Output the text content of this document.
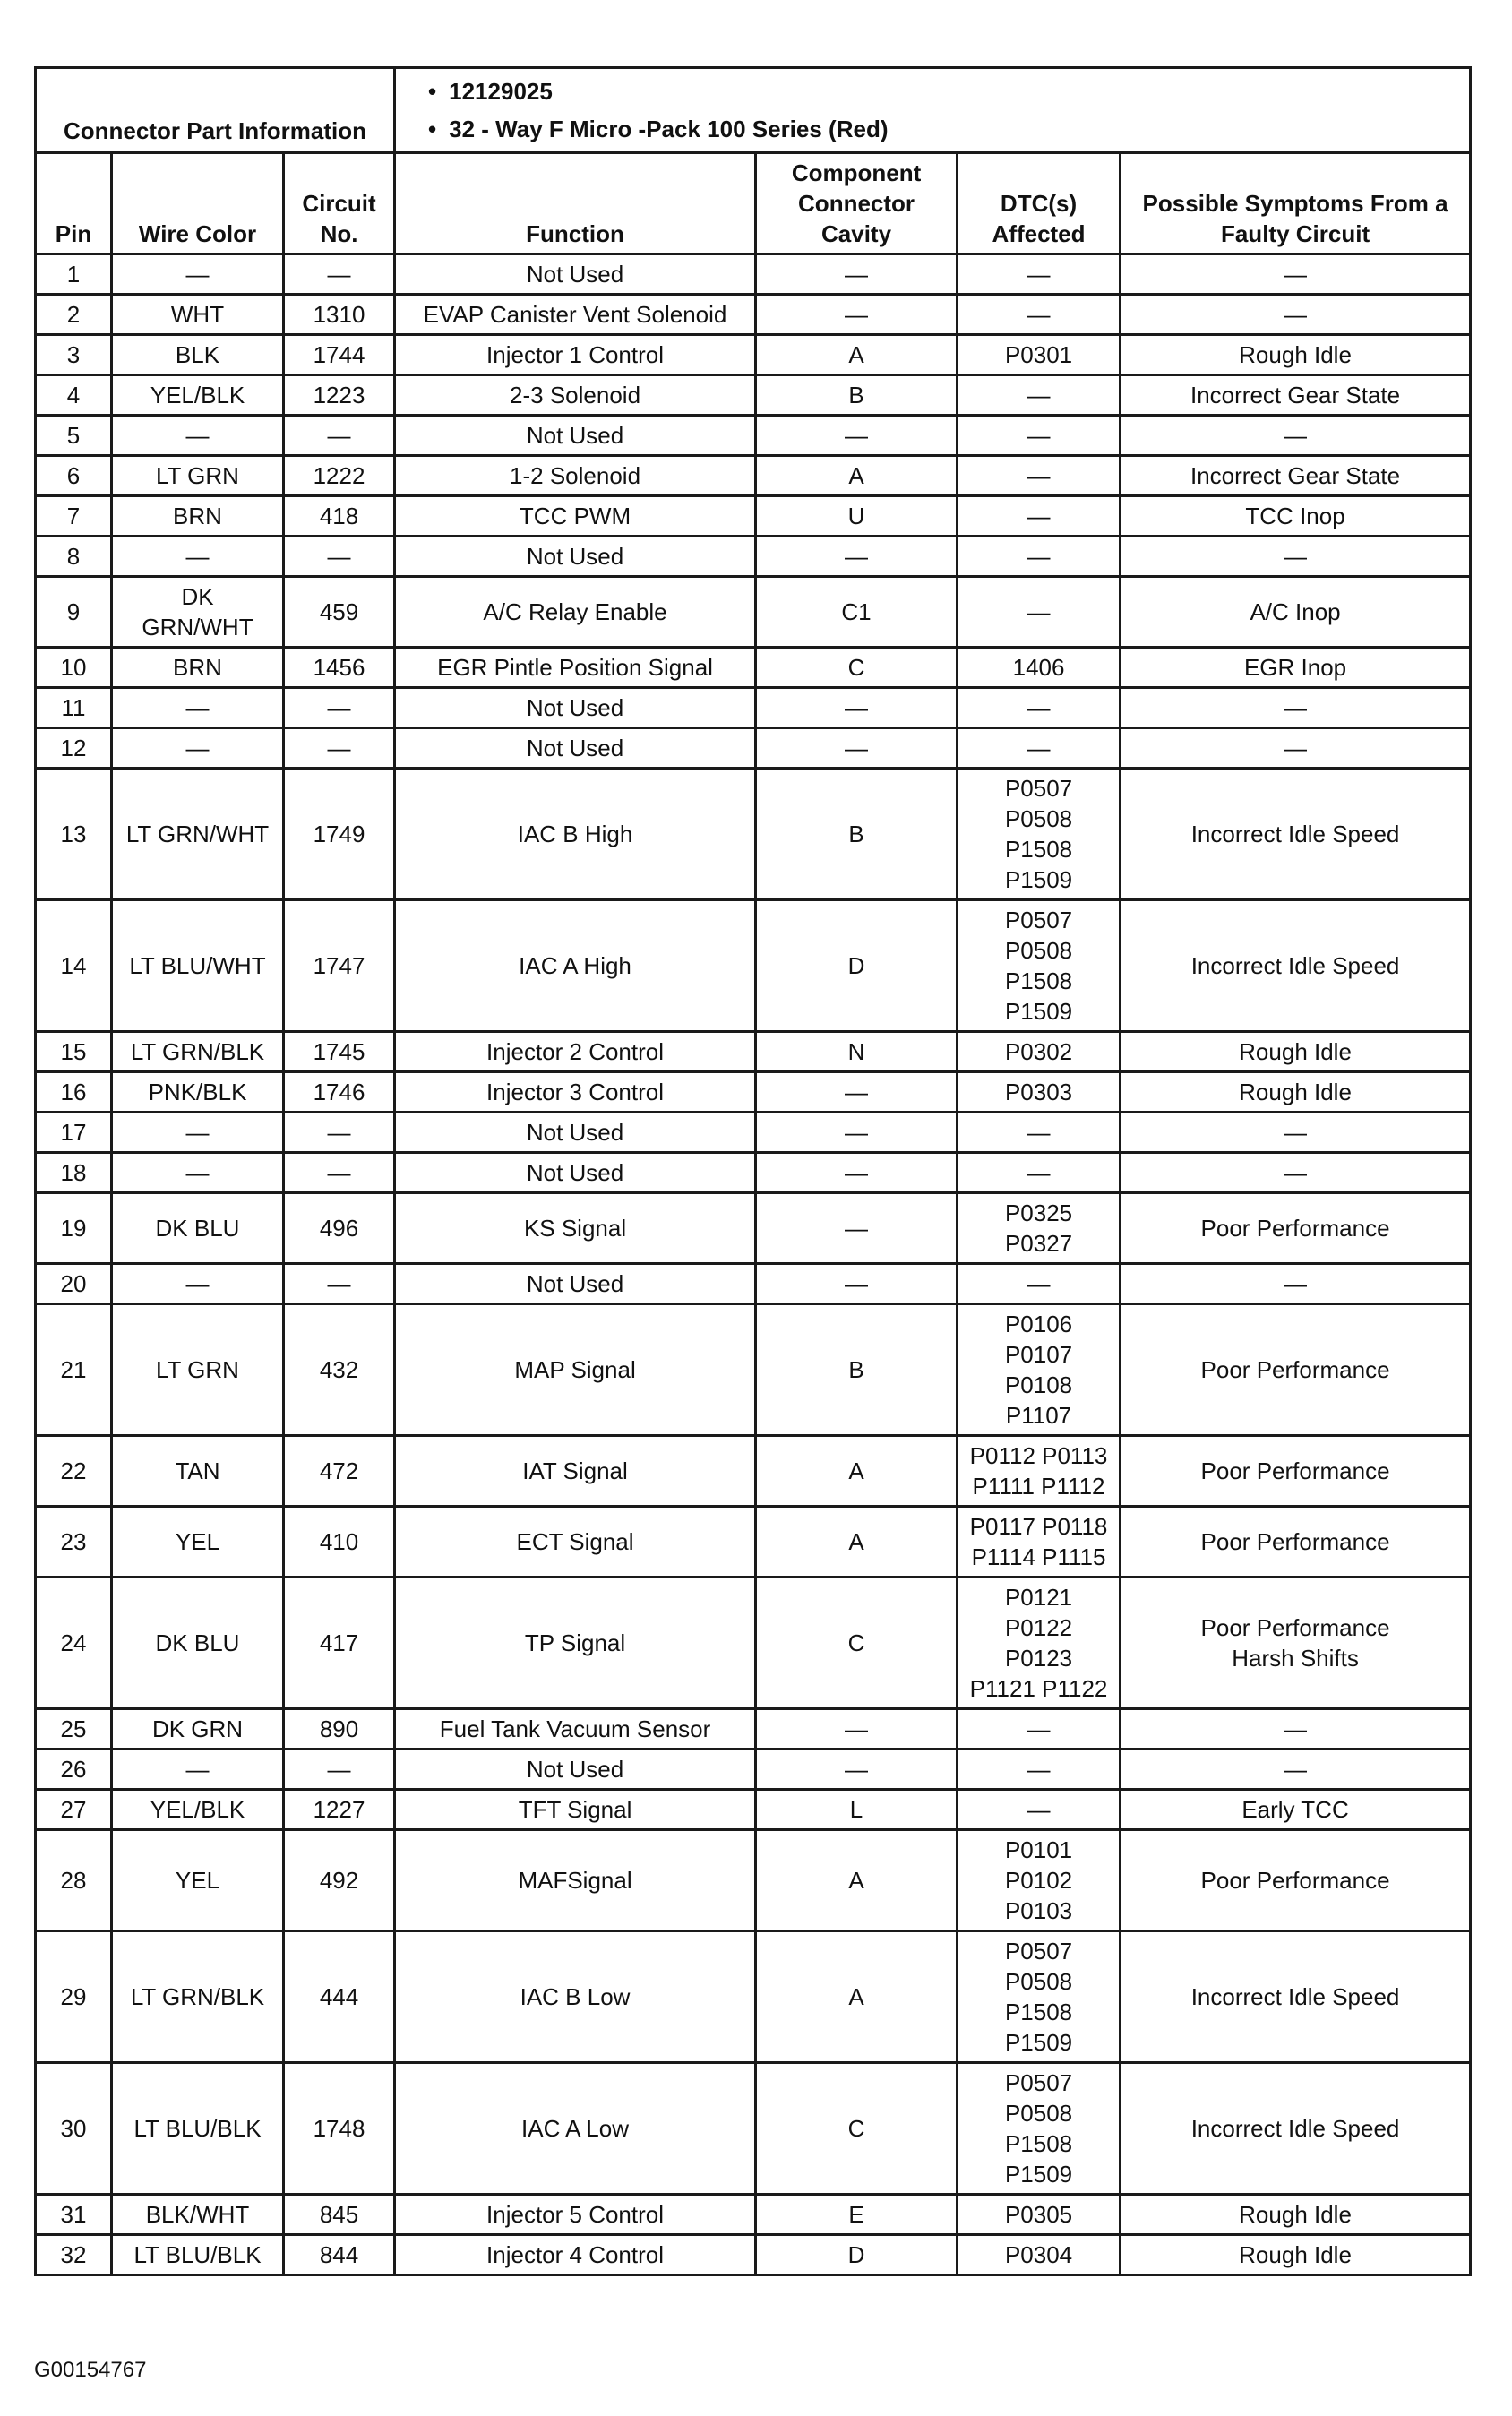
Connector Part Information			• 12129025
• 32 - Way F Micro -Pack 100 Series (Red)

Pin	Wire Color	Circuit No.	Function	Component Connector Cavity	DTC(s) Affected	Possible Symptoms From a Faulty Circuit
1	—	—	Not Used	—	—	—

2	WHT	1310	EVAP Canister Vent Solenoid	—	—	—

3	BLK	1744	Injector 1 Control	A	P0301	Rough Idle

4	YEL/BLK	1223	2-3 Solenoid	B	—	Incorrect Gear State

5	—	—	Not Used	—	—	—

6	LT GRN	1222	1-2 Solenoid	A	—	Incorrect Gear State

7	BRN	418	TCC PWM	U	—	TCC Inop

8	—	—	Not Used	—	—	—

9	DK
GRN/WHT	459	A/C Relay Enable	C1	—	A/C Inop

10	BRN	1456	EGR Pintle Position Signal	C	1406	EGR Inop

11	—	—	Not Used	—	—	—

12	—	—	Not Used	—	—	—

13	LT GRN/WHT	1749	IAC B High	B	P0507
P0508
P1508
P1509	Incorrect Idle Speed

14	LT BLU/WHT	1747	IAC A High	D	P0507
P0508
P1508
P1509	Incorrect Idle Speed

15	LT GRN/BLK	1745	Injector 2 Control	N	P0302	Rough Idle

16	PNK/BLK	1746	Injector 3 Control	—	P0303	Rough Idle

17	—	—	Not Used	—	—	—

18	—	—	Not Used	—	—	—

19	DK BLU	496	KS Signal	—	P0325
P0327	Poor Performance

20	—	—	Not Used	—	—	—

21	LT GRN	432	MAP Signal	B	P0106
P0107
P0108
P1107	Poor Performance

22	TAN	472	IAT Signal	A	P0112 P0113
P1111 P1112	Poor Performance

23	YEL	410	ECT Signal	A	P0117 P0118
P1114 P1115	Poor Performance

24	DK BLU	417	TP Signal	C	P0121
P0122
P0123
P1121 P1122	Poor Performance
Harsh Shifts

25	DK GRN	890	Fuel Tank Vacuum Sensor	—	—	—

26	—	—	Not Used	—	—	—

27	YEL/BLK	1227	TFT Signal	L	—	Early TCC

28	YEL	492	MAFSignal	A	P0101
P0102
P0103	Poor Performance

29	LT GRN/BLK	444	IAC B Low	A	P0507
P0508
P1508
P1509	Incorrect Idle Speed

30	LT BLU/BLK	1748	IAC A Low	C	P0507
P0508
P1508
P1509	Incorrect Idle Speed

31	BLK/WHT	845	Injector 5 Control	E	P0305	Rough Idle

32	LT BLU/BLK	844	Injector 4 Control	D	P0304	Rough Idle
G00154767
